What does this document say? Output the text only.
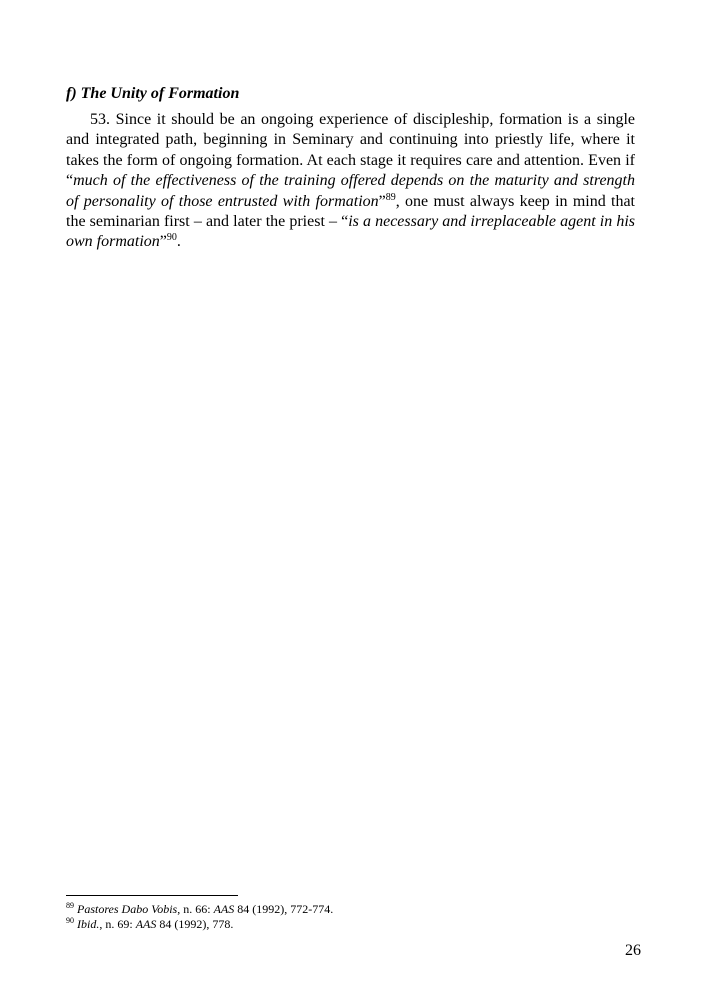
f) The Unity of Formation

53. Since it should be an ongoing experience of discipleship, formation is a single and integrated path, beginning in Seminary and continuing into priestly life, where it takes the form of ongoing formation. At each stage it requires care and attention. Even if “much of the effectiveness of the training offered depends on the maturity and strength of personality of those entrusted with formation”$^{89}$, one must always keep in mind that the seminarian first – and later the priest – “is a necessary and irreplaceable agent in his own formation”$^{90}$.

$^{89}$ Pastores Dabo Vobis, n. 66: AAS 84 (1992), 772-774.
$^{90}$ Ibid., n. 69: AAS 84 (1992), 778.
26
